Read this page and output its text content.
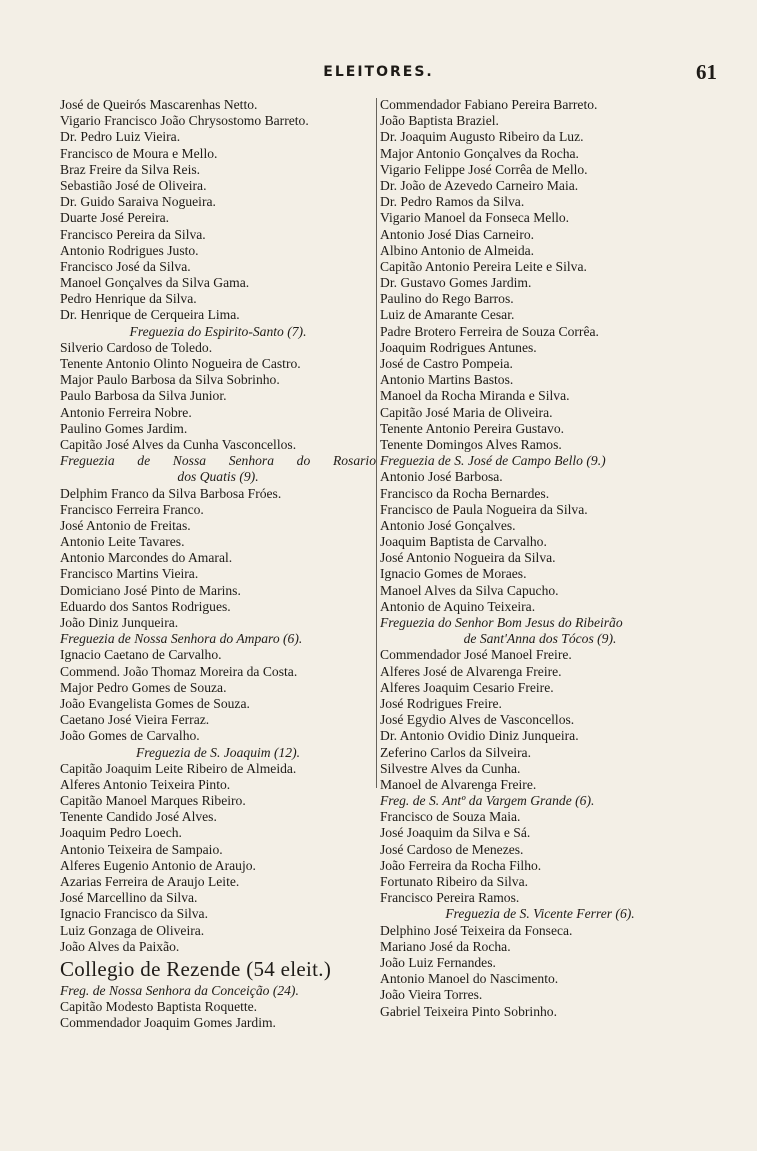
ELEITORES.	61
José de Queirós Mascarenhas Netto.
Vigario Francisco João Chrysostomo Barreto.
Dr. Pedro Luiz Vieira.
Francisco de Moura e Mello.
Braz Freire da Silva Reis.
Sebastião José de Oliveira.
Dr. Guido Saraiva Nogueira.
Duarte José Pereira.
Francisco Pereira da Silva.
Antonio Rodrigues Justo.
Francisco José da Silva.
Manoel Gonçalves da Silva Gama.
Pedro Henrique da Silva.
Dr. Henrique de Cerqueira Lima.
Freguezia do Espirito-Santo (7).
Silverio Cardoso de Toledo.
Tenente Antonio Olinto Nogueira de Castro.
Major Paulo Barbosa da Silva Sobrinho.
Paulo Barbosa da Silva Junior.
Antonio Ferreira Nobre.
Paulino Gomes Jardim.
Capitão José Alves da Cunha Vasconcellos.
Freguezia de Nossa Senhora do Rosario
dos Quatis (9).
Delphim Franco da Silva Barbosa Fróes.
Francisco Ferreira Franco.
José Antonio de Freitas.
Antonio Leite Tavares.
Antonio Marcondes do Amaral.
Francisco Martins Vieira.
Domiciano José Pinto de Marins.
Eduardo dos Santos Rodrigues.
João Diniz Junqueira.
Freguezia de Nossa Senhora do Amparo (6).
Ignacio Caetano de Carvalho.
Commend. João Thomaz Moreira da Costa.
Major Pedro Gomes de Souza.
João Evangelista Gomes de Souza.
Caetano José Vieira Ferraz.
João Gomes de Carvalho.
Freguezia de S. Joaquim (12).
Capitão Joaquim Leite Ribeiro de Almeida.
Alferes Antonio Teixeira Pinto.
Capitão Manoel Marques Ribeiro.
Tenente Candido José Alves.
Joaquim Pedro Loech.
Antonio Teixeira de Sampaio.
Alferes Eugenio Antonio de Araujo.
Azarias Ferreira de Araujo Leite.
José Marcellino da Silva.
Ignacio Francisco da Silva.
Luiz Gonzaga de Oliveira.
João Alves da Paixão.
Collegio de Rezende (54 eleit.)
Freg. de Nossa Senhora da Conceição (24).
Capitão Modesto Baptista Roquette.
Commendador Joaquim Gomes Jardim.
Commendador Fabiano Pereira Barreto.
João Baptista Braziel.
Dr. Joaquim Augusto Ribeiro da Luz.
Major Antonio Gonçalves da Rocha.
Vigario Felippe José Corrêa de Mello.
Dr. João de Azevedo Carneiro Maia.
Dr. Pedro Ramos da Silva.
Vigario Manoel da Fonseca Mello.
Antonio José Dias Carneiro.
Albino Antonio de Almeida.
Capitão Antonio Pereira Leite e Silva.
Dr. Gustavo Gomes Jardim.
Paulino do Rego Barros.
Luiz de Amarante Cesar.
Padre Brotero Ferreira de Souza Corrêa.
Joaquim Rodrigues Antunes.
José de Castro Pompeia.
Antonio Martins Bastos.
Manoel da Rocha Miranda e Silva.
Capitão José Maria de Oliveira.
Tenente Antonio Pereira Gustavo.
Tenente Domingos Alves Ramos.
Freguezia de S. José de Campo Bello (9.)
Antonio José Barbosa.
Francisco da Rocha Bernardes.
Francisco de Paula Nogueira da Silva.
Antonio José Gonçalves.
Joaquim Baptista de Carvalho.
José Antonio Nogueira da Silva.
Ignacio Gomes de Moraes.
Manoel Alves da Silva Capucho.
Antonio de Aquino Teixeira.
Freguezia do Senhor Bom Jesus do Ribeirão
de Sant'Anna dos Tócos (9).
Commendador José Manoel Freire.
Alferes José de Alvarenga Freire.
Alferes Joaquim Cesario Freire.
José Rodrigues Freire.
José Egydio Alves de Vasconcellos.
Dr. Antonio Ovidio Diniz Junqueira.
Zeferino Carlos da Silveira.
Silvestre Alves da Cunha.
Manoel de Alvarenga Freire.
Freg. de S. Antº da Vargem Grande (6).
Francisco de Souza Maia.
José Joaquim da Silva e Sá.
José Cardoso de Menezes.
João Ferreira da Rocha Filho.
Fortunato Ribeiro da Silva.
Francisco Pereira Ramos.
Freguezia de S. Vicente Ferrer (6).
Delphino José Teixeira da Fonseca.
Mariano José da Rocha.
João Luiz Fernandes.
Antonio Manoel do Nascimento.
João Vieira Torres.
Gabriel Teixeira Pinto Sobrinho.
